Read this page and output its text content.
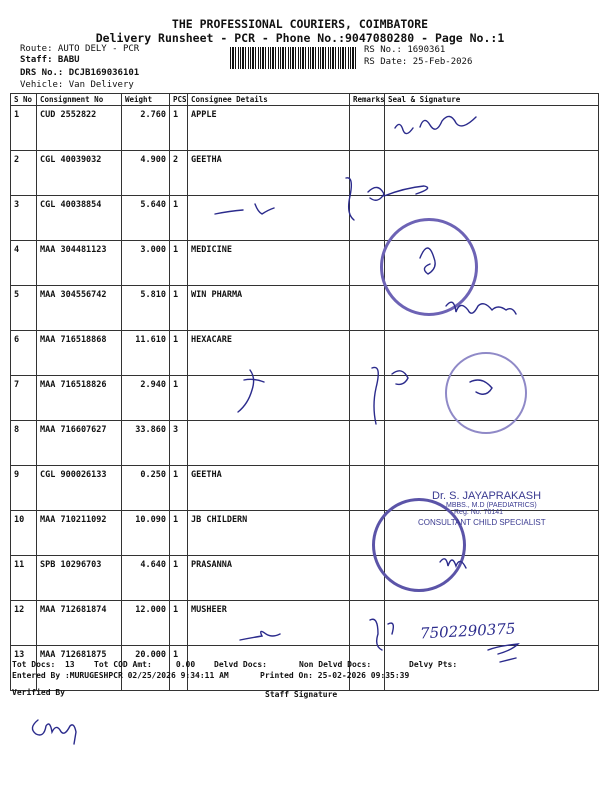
THE PROFESSIONAL COURIERS, COIMBATORE
Delivery Runsheet - PCR - Phone No.:9047080280 - Page No.:1
Route: AUTO DELY - PCR
Staff: BABU
DRS No.: DCJB169036101
Vehicle: Van Delivery
RS No.: 1690361
RS Date: 25-Feb-2026
S No	Consignment No	Weight	PCS	Consignee Details	Remarks	Seal & Signature
1	CUD 2552822	2.760	1	APPLE		
2	CGL 40039032	4.900	2	GEETHA		
3	CGL 40038854	5.640	1			
4	MAA 304481123	3.000	1	MEDICINE		
5	MAA 304556742	5.810	1	WIN PHARMA		
6	MAA 716518868	11.610	1	HEXACARE		
7	MAA 716518826	2.940	1			
8	MAA 716607627	33.860	3			
9	CGL 900026133	0.250	1	GEETHA		
10	MAA 710211092	10.090	1	JB CHILDERN		
11	SPB 10296703	4.640	1	PRASANNA		
12	MAA 712681874	12.000	1	MUSHEER		
13	MAA 712681875	20.000	1			
Dr. S. JAYAPRAKASH
MBBS., M.D (PAEDIATRICS)
Reg. No: 70141
CONSULTANT CHILD SPECIALIST
7502290375
Tot Docs:  13	Tot COD Amt:     0.00	Delvd Docs:	Non Delvd Docs:	Delvy Pts:
Entered By :MURUGESHPCR 02/25/2026 9:34:11 AM	Printed On: 25-02-2026 09:35:39
Verified By	Staff Signature
